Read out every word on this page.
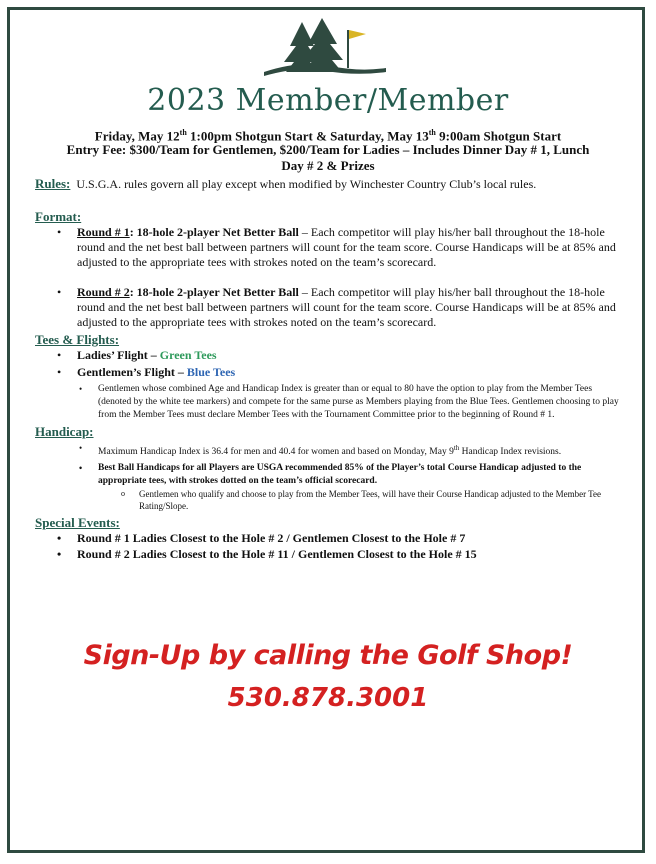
2023 Member/Member
Friday, May 12th 1:00pm Shotgun Start & Saturday, May 13th 9:00am Shotgun Start
Entry Fee: $300/Team for Gentlemen, $200/Team for Ladies – Includes Dinner Day # 1, Lunch
Day # 2 & Prizes

Rules: U.S.G.A. rules govern all play except when modified by Winchester Country Club’s local rules.

Format:

• Round # 1: 18-hole 2-player Net Better Ball – Each competitor will play his/her ball throughout the 18-hole round and the net best ball between partners will count for the team score. Course Handicaps will be at 85% and adjusted to the appropriate tees with strokes noted on the team’s scorecard.
• Round # 2: 18-hole 2-player Net Better Ball – Each competitor will play his/her ball throughout the 18-hole round and the net best ball between partners will count for the team score. Course Handicaps will be at 85% and adjusted to the appropriate tees with strokes noted on the team’s scorecard.

Tees & Flights:

• Ladies’ Flight – Green Tees
• Gentlemen’s Flight – Blue Tees
• Gentlemen whose combined Age and Handicap Index is greater than or equal to 80 have the option to play from the Member Tees (denoted by the white tee markers) and compete for the same purse as Members playing from the Blue Tees. Gentlemen choosing to play from the Member Tees must declare Member Tees with the Tournament Committee prior to the beginning of Round # 1.

Handicap:

• Maximum Handicap Index is 36.4 for men and 40.4 for women and based on Monday, May 9th Handicap Index revisions.
• Best Ball Handicaps for all Players are USGA recommended 85% of the Player’s total Course Handicap adjusted to the appropriate tees, with strokes dotted on the team’s official scorecard.
o Gentlemen who qualify and choose to play from the Member Tees, will have their Course Handicap adjusted to the Member Tee Rating/Slope.

Special Events:

• Round # 1 Ladies Closest to the Hole # 2 / Gentlemen Closest to the Hole # 7
• Round # 2 Ladies Closest to the Hole # 11 / Gentlemen Closest to the Hole # 15
Sign-Up by calling the Golf Shop!
530.878.3001
